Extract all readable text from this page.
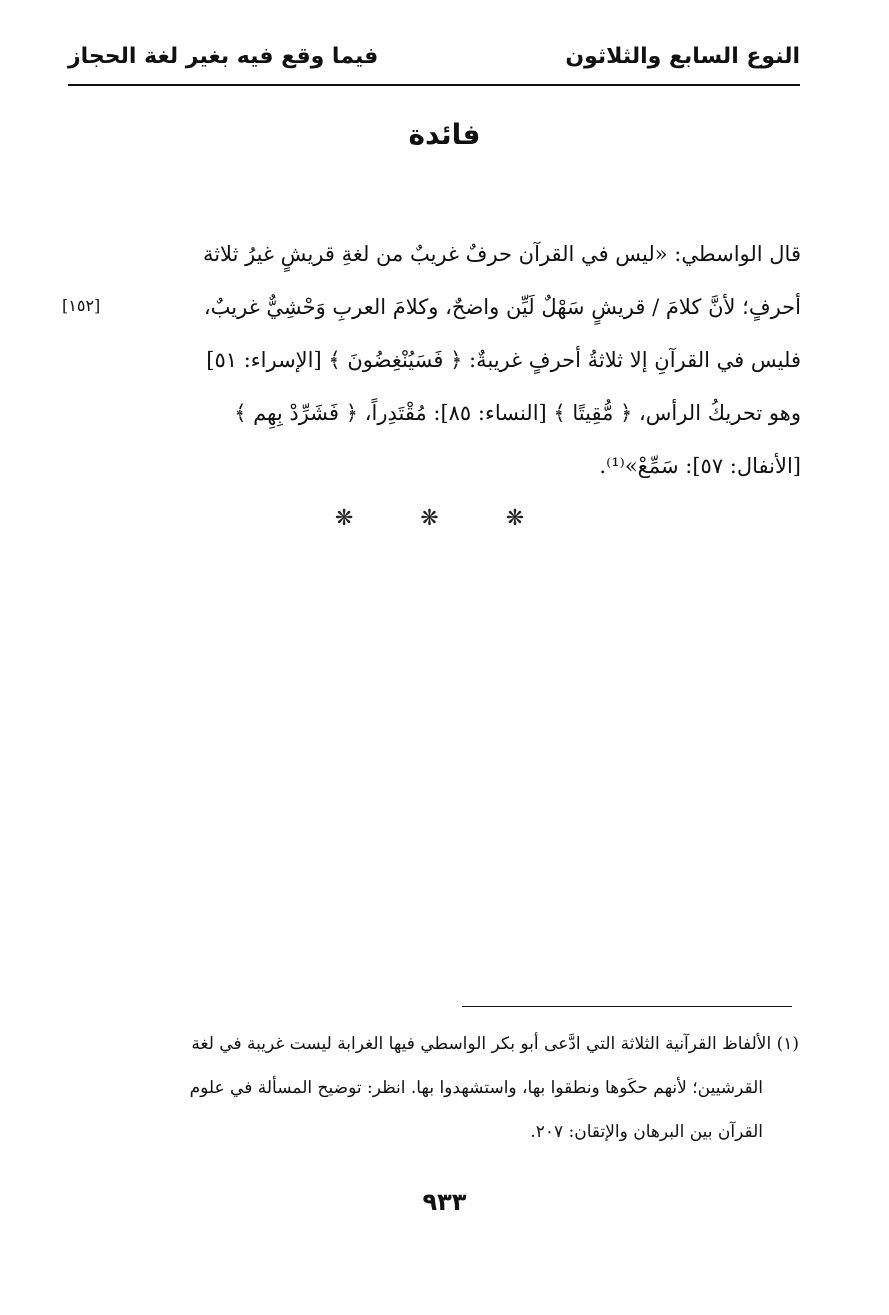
النوع السابع والثلاثون
فيما وقع فيه بغير لغة الحجاز
فائدة
قال الواسطي: «ليس في القرآن حرفٌ غريبٌ من لغةِ قريشٍ غيرُ ثلاثة
أحرفٍ؛ لأنَّ كلامَ / قريشٍ سَهْلٌ لَيِّن واضحٌ، وكلامَ العربِ وَحْشِيٌّ غريبٌ،
فليس في القرآنِ إلا ثلاثةُ أحرفٍ غريبةٌ: ﴿ فَسَيُنْغِضُونَ ﴾ [الإسراء: ٥١]
وهو تحريكُ الرأس، ﴿ مُّقِيتًا ﴾ [النساء: ٨٥]: مُقْتَدِراً، ﴿ فَشَرِّدْ بِهِم ﴾
[الأنفال: ٥٧]: سَمِّعْ»⁽¹⁾.
[١٥٢]
❋ ❋ ❋
(١) الألفاظ القرآنية الثلاثة التي ادَّعى أبو بكر الواسطي فيها الغرابة ليست غريبة في لغة
القرشيين؛ لأنهم حكَوها ونطقوا بها، واستشهدوا بها. انظر: توضيح المسألة في علوم
القرآن بين البرهان والإتقان: ٢٠٧.
٩٣٣
